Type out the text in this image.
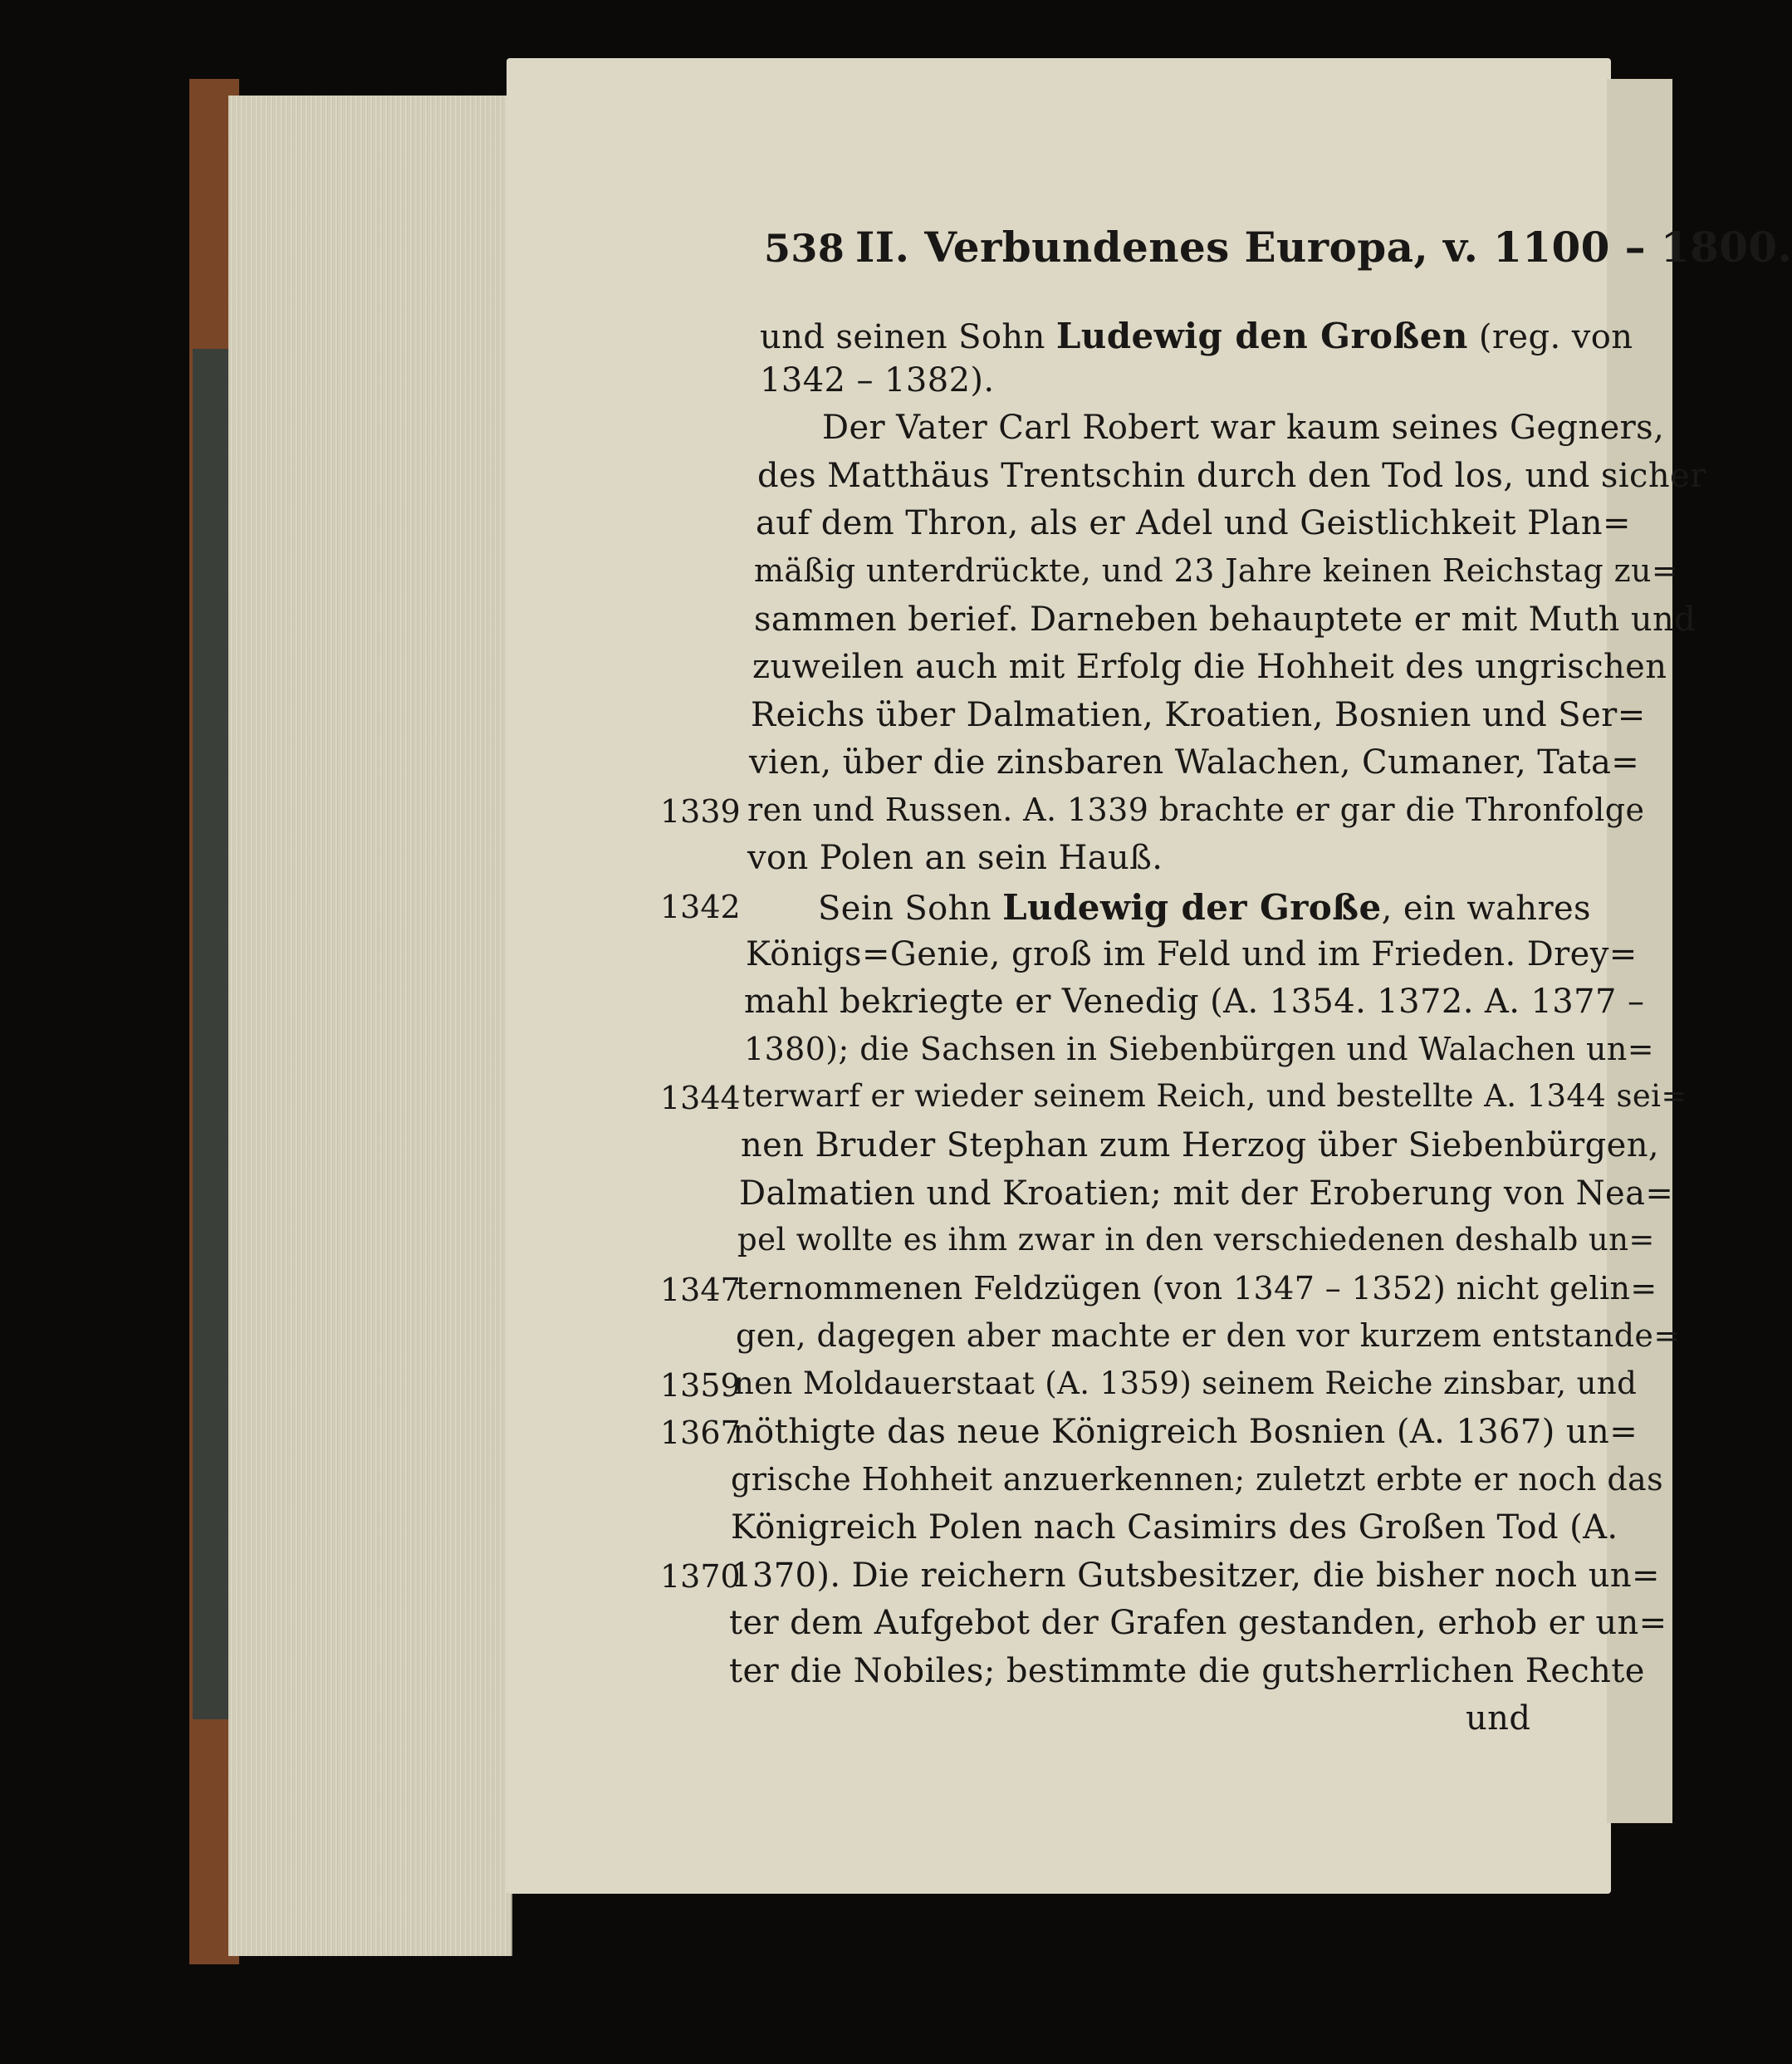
538 II. Verbundenes Europa, v. 1100 – 1800.
und seinen Sohn Ludewig den Großen (reg. von
1342 – 1382).
Der Vater Carl Robert war kaum seines Gegners,
des Matthäus Trentschin durch den Tod los, und sicher
auf dem Thron, als er Adel und Geistlichkeit Plan=
mäßig unterdrückte, und 23 Jahre keinen Reichstag zu=
sammen berief. Darneben behauptete er mit Muth und
zuweilen auch mit Erfolg die Hohheit des ungrischen
Reichs über Dalmatien, Kroatien, Bosnien und Ser=
vien, über die zinsbaren Walachen, Cumaner, Tata=
ren und Russen. A. 1339 brachte er gar die Thronfolge
von Polen an sein Hauß.
Sein Sohn Ludewig der Große, ein wahres
Königs=Genie, groß im Feld und im Frieden. Drey=
mahl bekriegte er Venedig (A. 1354. 1372. A. 1377 –
1380); die Sachsen in Siebenbürgen und Walachen un=
terwarf er wieder seinem Reich, und bestellte A. 1344 sei=
nen Bruder Stephan zum Herzog über Siebenbürgen,
Dalmatien und Kroatien; mit der Eroberung von Nea=
pel wollte es ihm zwar in den verschiedenen deshalb un=
ternommenen Feldzügen (von 1347 – 1352) nicht gelin=
gen, dagegen aber machte er den vor kurzem entstande=
nen Moldauerstaat (A. 1359) seinem Reiche zinsbar, und
nöthigte das neue Königreich Bosnien (A. 1367) un=
grische Hohheit anzuerkennen; zuletzt erbte er noch das
Königreich Polen nach Casimirs des Großen Tod (A.
1370). Die reichern Gutsbesitzer, die bisher noch un=
ter dem Aufgebot der Grafen gestanden, erhob er un=
ter die Nobiles; bestimmte die gutsherrlichen Rechte
und
1339
1342
1344
1347
1359
1367
1370
